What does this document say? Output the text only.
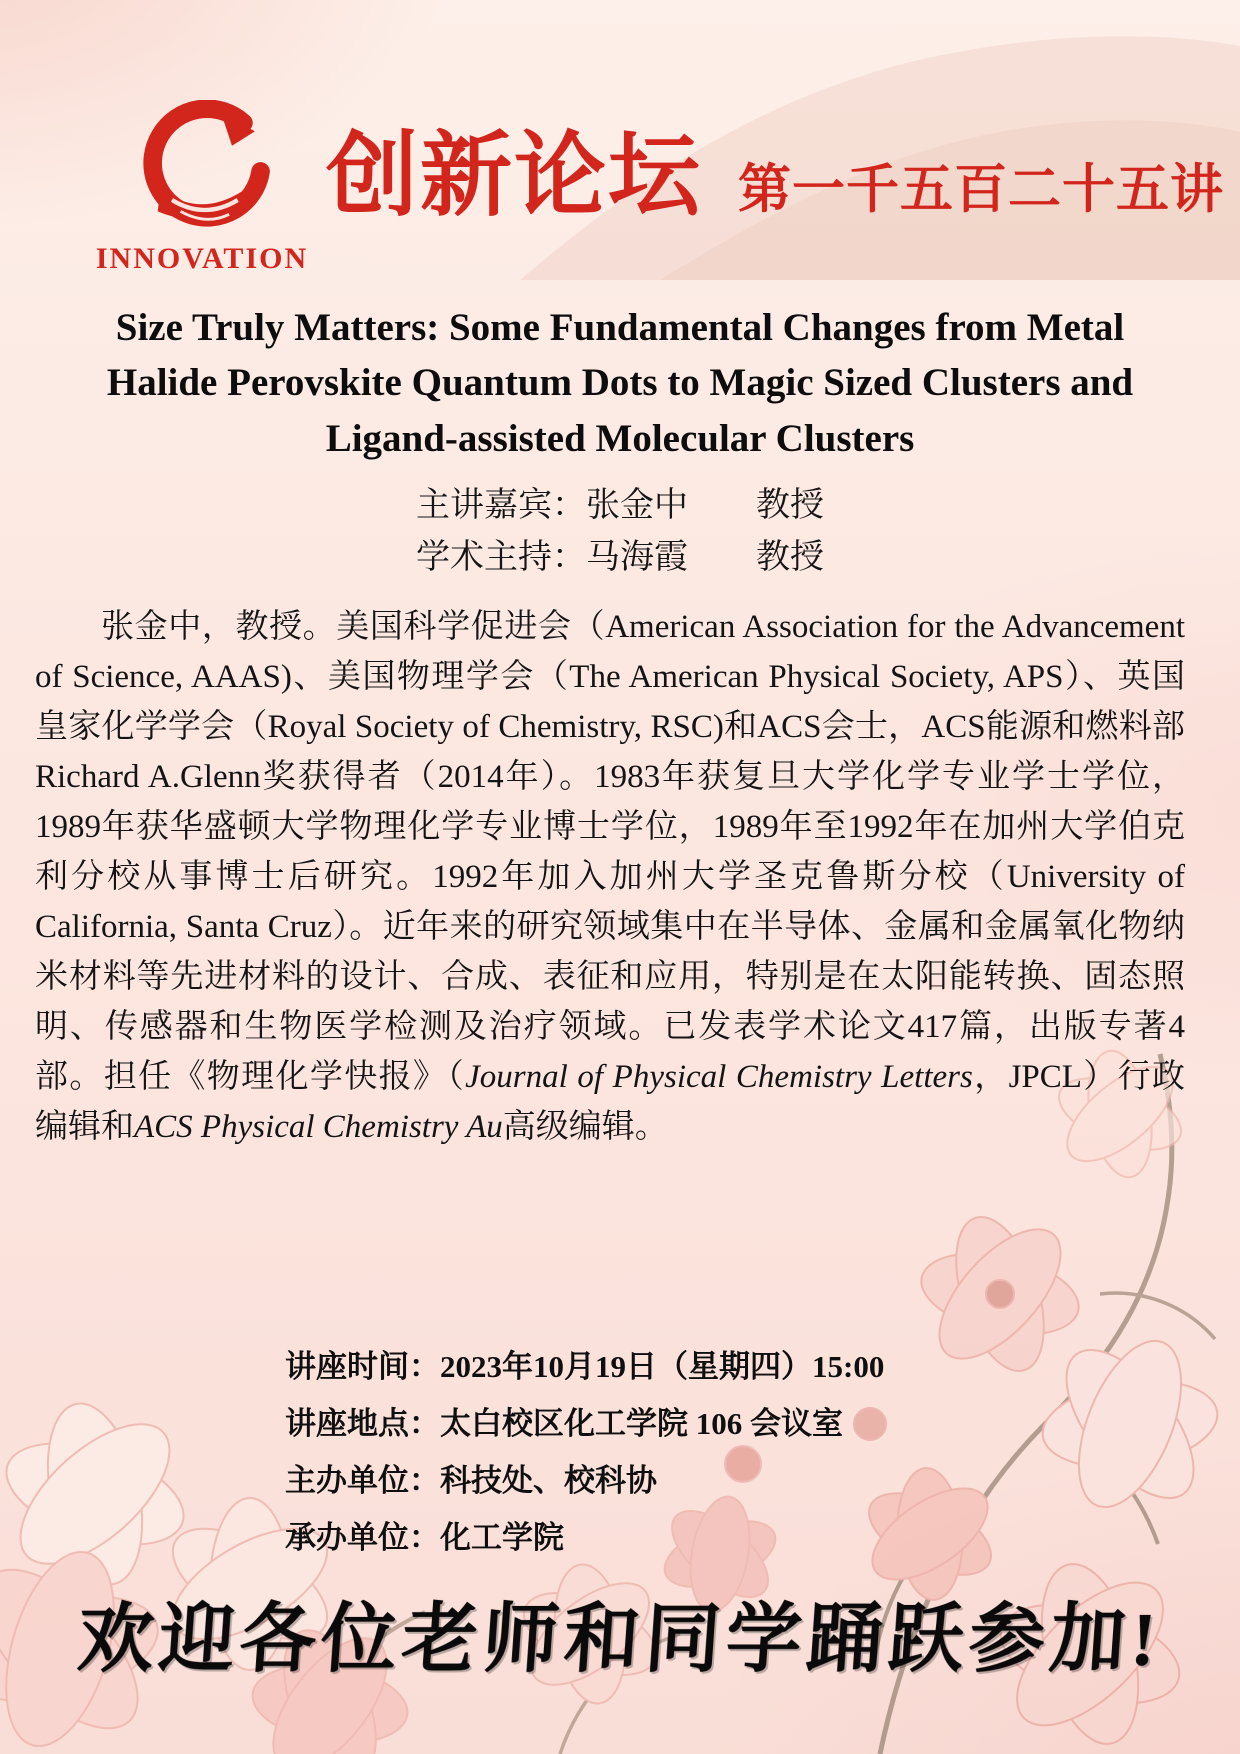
INNOVATION
创新论坛 第一千五百二十五讲
Size Truly Matters: Some Fundamental Changes from Metal Halide Perovskite Quantum Dots to Magic Sized Clusters and Ligand-assisted Molecular Clusters
主讲嘉宾：张金中 教授
学术主持：马海霞 教授

张金中，教授。美国科学促进会（American Association for the Advancement of Science, AAAS)、美国物理学会（The American Physical Society, APS）、英国皇家化学学会（Royal Society of Chemistry, RSC)和ACS会士，ACS能源和燃料部Richard A.Glenn奖获得者（2014年）。1983年获复旦大学化学专业学士学位，1989年获华盛顿大学物理化学专业博士学位，1989年至1992年在加州大学伯克利分校从事博士后研究。1992年加入加州大学圣克鲁斯分校（University of California, Santa Cruz）。近年来的研究领域集中在半导体、金属和金属氧化物纳米材料等先进材料的设计、合成、表征和应用，特别是在太阳能转换、固态照明、传感器和生物医学检测及治疗领域。已发表学术论文417篇，出版专著4部。担任《物理化学快报》（Journal of Physical Chemistry Letters，JPCL）行政编辑和ACS Physical Chemistry Au高级编辑。

讲座时间：2023年10月19日（星期四）15:00
讲座地点：太白校区化工学院 106 会议室
主办单位：科技处、校科协
承办单位：化工学院
欢迎各位老师和同学踊跃参加!
